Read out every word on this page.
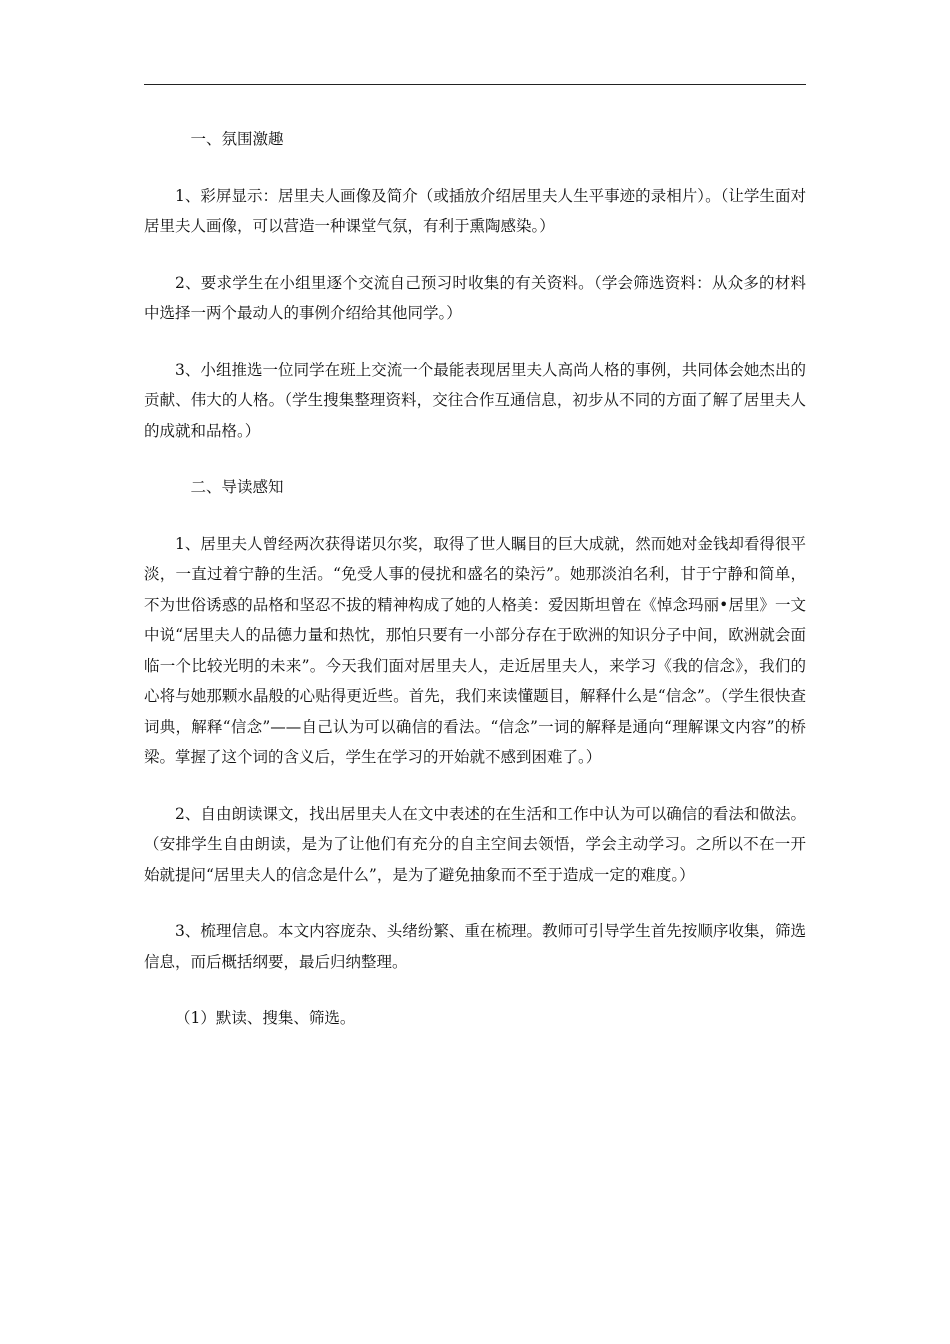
一、氛围激趣

1、彩屏显示：居里夫人画像及简介（或插放介绍居里夫人生平事迹的录相片）。（让学生面对居里夫人画像，可以营造一种课堂气氛，有利于熏陶感染。）

2、要求学生在小组里逐个交流自己预习时收集的有关资料。（学会筛选资料：从众多的材料中选择一两个最动人的事例介绍给其他同学。）

3、小组推选一位同学在班上交流一个最能表现居里夫人高尚人格的事例，共同体会她杰出的贡献、伟大的人格。（学生搜集整理资料，交往合作互通信息，初步从不同的方面了解了居里夫人的成就和品格。）

二、导读感知

1、居里夫人曾经两次获得诺贝尔奖，取得了世人瞩目的巨大成就，然而她对金钱却看得很平淡，一直过着宁静的生活。“免受人事的侵扰和盛名的染污”。她那淡泊名利，甘于宁静和简单，不为世俗诱惑的品格和坚忍不拔的精神构成了她的人格美：爱因斯坦曾在《悼念玛丽•居里》一文中说“居里夫人的品德力量和热忱，那怕只要有一小部分存在于欧洲的知识分子中间，欧洲就会面临一个比较光明的未来”。今天我们面对居里夫人，走近居里夫人，来学习《我的信念》，我们的心将与她那颗水晶般的心贴得更近些。首先，我们来读懂题目，解释什么是“信念”。（学生很快查词典，解释“信念”——自己认为可以确信的看法。“信念”一词的解释是通向“理解课文内容”的桥梁。掌握了这个词的含义后，学生在学习的开始就不感到困难了。）

2、自由朗读课文，找出居里夫人在文中表述的在生活和工作中认为可以确信的看法和做法。（安排学生自由朗读，是为了让他们有充分的自主空间去领悟，学会主动学习。之所以不在一开始就提问“居里夫人的信念是什么”，是为了避免抽象而不至于造成一定的难度。）

3、梳理信息。本文内容庞杂、头绪纷繁、重在梳理。教师可引导学生首先按顺序收集，筛选信息，而后概括纲要，最后归纳整理。

（1）默读、搜集、筛选。
